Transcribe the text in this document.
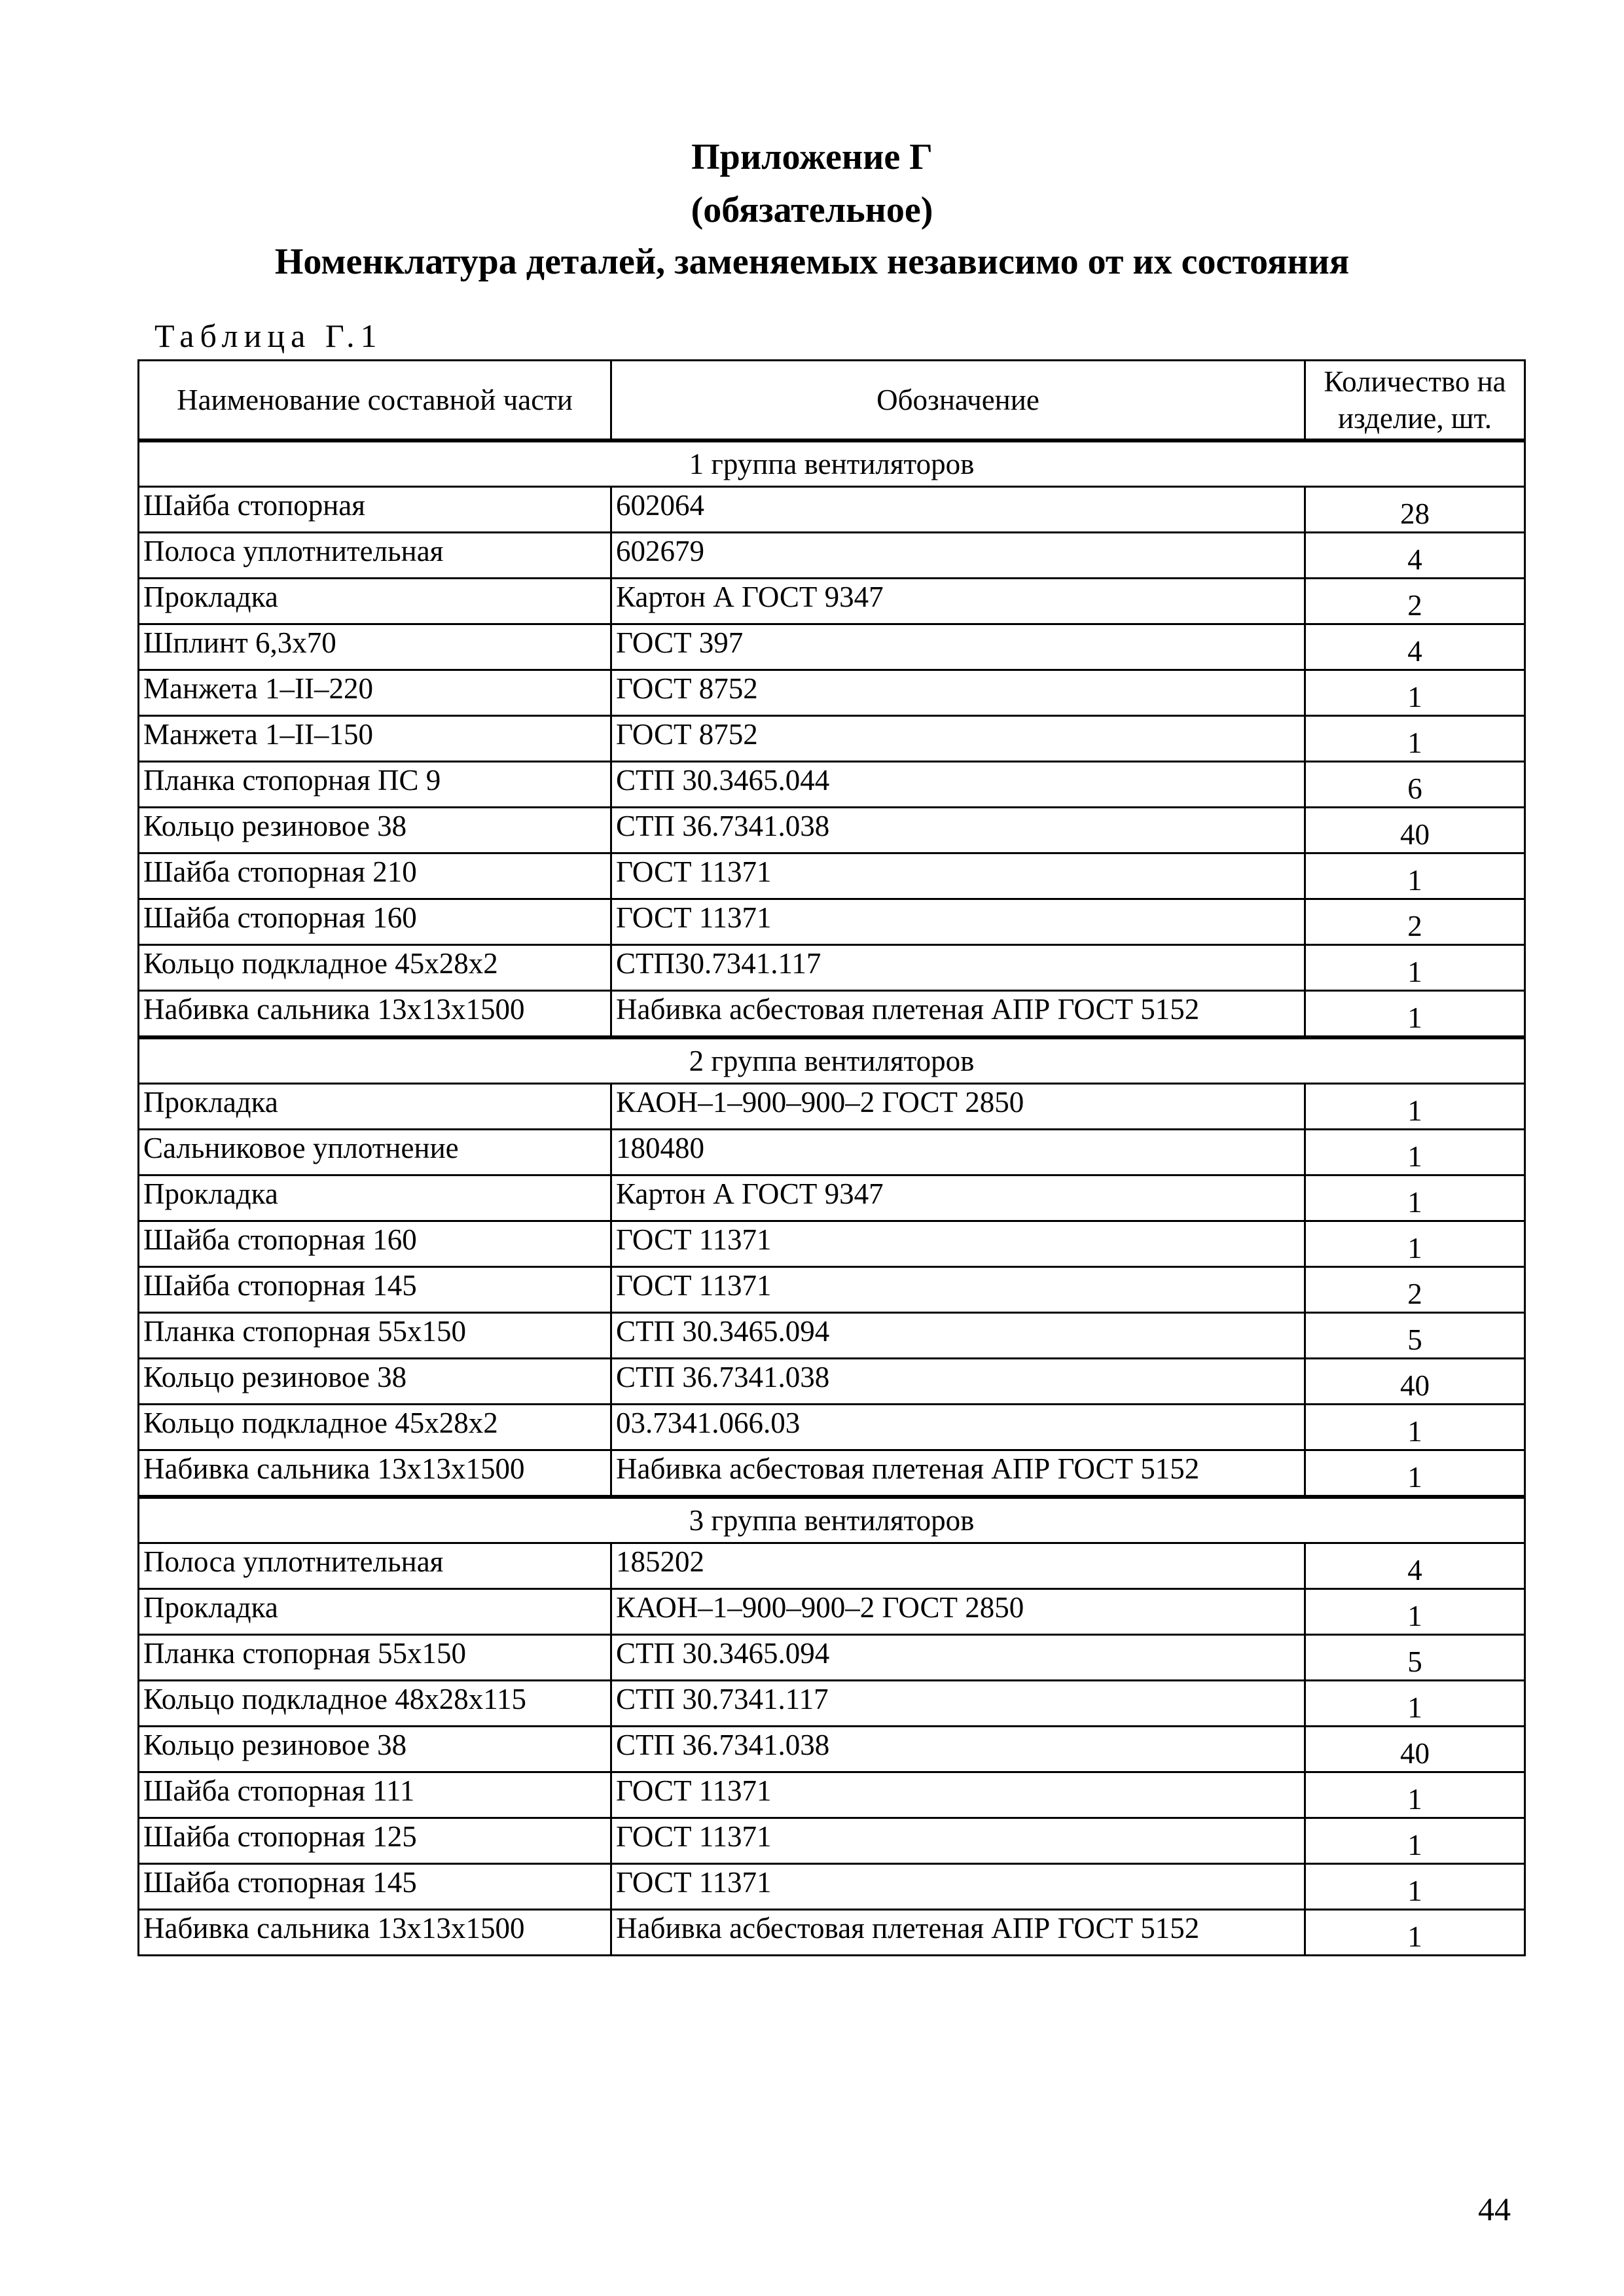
Приложение Г
(обязательное)
Номенклатура деталей, заменяемых независимо от их состояния
Таблица Г.1
Наименование составной части	Обозначение	Количество на изделие, шт.

1 группа вентиляторов		
Шайба стопорная	602064	28
Полоса уплотнительная	602679	4
Прокладка	Картон А ГОСТ 9347	2
Шплинт 6,3х70	ГОСТ 397	4
Манжета 1–II–220	ГОСТ 8752	1
Манжета 1–II–150	ГОСТ 8752	1
Планка стопорная ПС 9	СТП 30.3465.044	6
Кольцо резиновое 38	СТП 36.7341.038	40
Шайба стопорная 210	ГОСТ 11371	1
Шайба стопорная 160	ГОСТ 11371	2
Кольцо подкладное 45х28х2	СТП30.7341.117	1
Набивка сальника 13х13х1500	Набивка асбестовая плетеная АПР ГОСТ 5152	1

2 группа вентиляторов		
Прокладка	КАОН–1–900–900–2 ГОСТ 2850	1
Сальниковое уплотнение	180480	1
Прокладка	Картон А ГОСТ 9347	1
Шайба стопорная 160	ГОСТ 11371	1
Шайба стопорная 145	ГОСТ 11371	2
Планка стопорная 55х150	СТП 30.3465.094	5
Кольцо резиновое 38	СТП 36.7341.038	40
Кольцо подкладное 45х28х2	03.7341.066.03	1
Набивка сальника 13х13х1500	Набивка асбестовая плетеная АПР ГОСТ 5152	1

3 группа вентиляторов		
Полоса уплотнительная	185202	4
Прокладка	КАОН–1–900–900–2 ГОСТ 2850	1
Планка стопорная 55х150	СТП 30.3465.094	5
Кольцо подкладное 48х28х115	СТП 30.7341.117	1
Кольцо резиновое 38	СТП 36.7341.038	40
Шайба стопорная 111	ГОСТ 11371	1
Шайба стопорная 125	ГОСТ 11371	1
Шайба стопорная 145	ГОСТ 11371	1
Набивка сальника 13х13х1500	Набивка асбестовая плетеная АПР ГОСТ 5152	1
44
